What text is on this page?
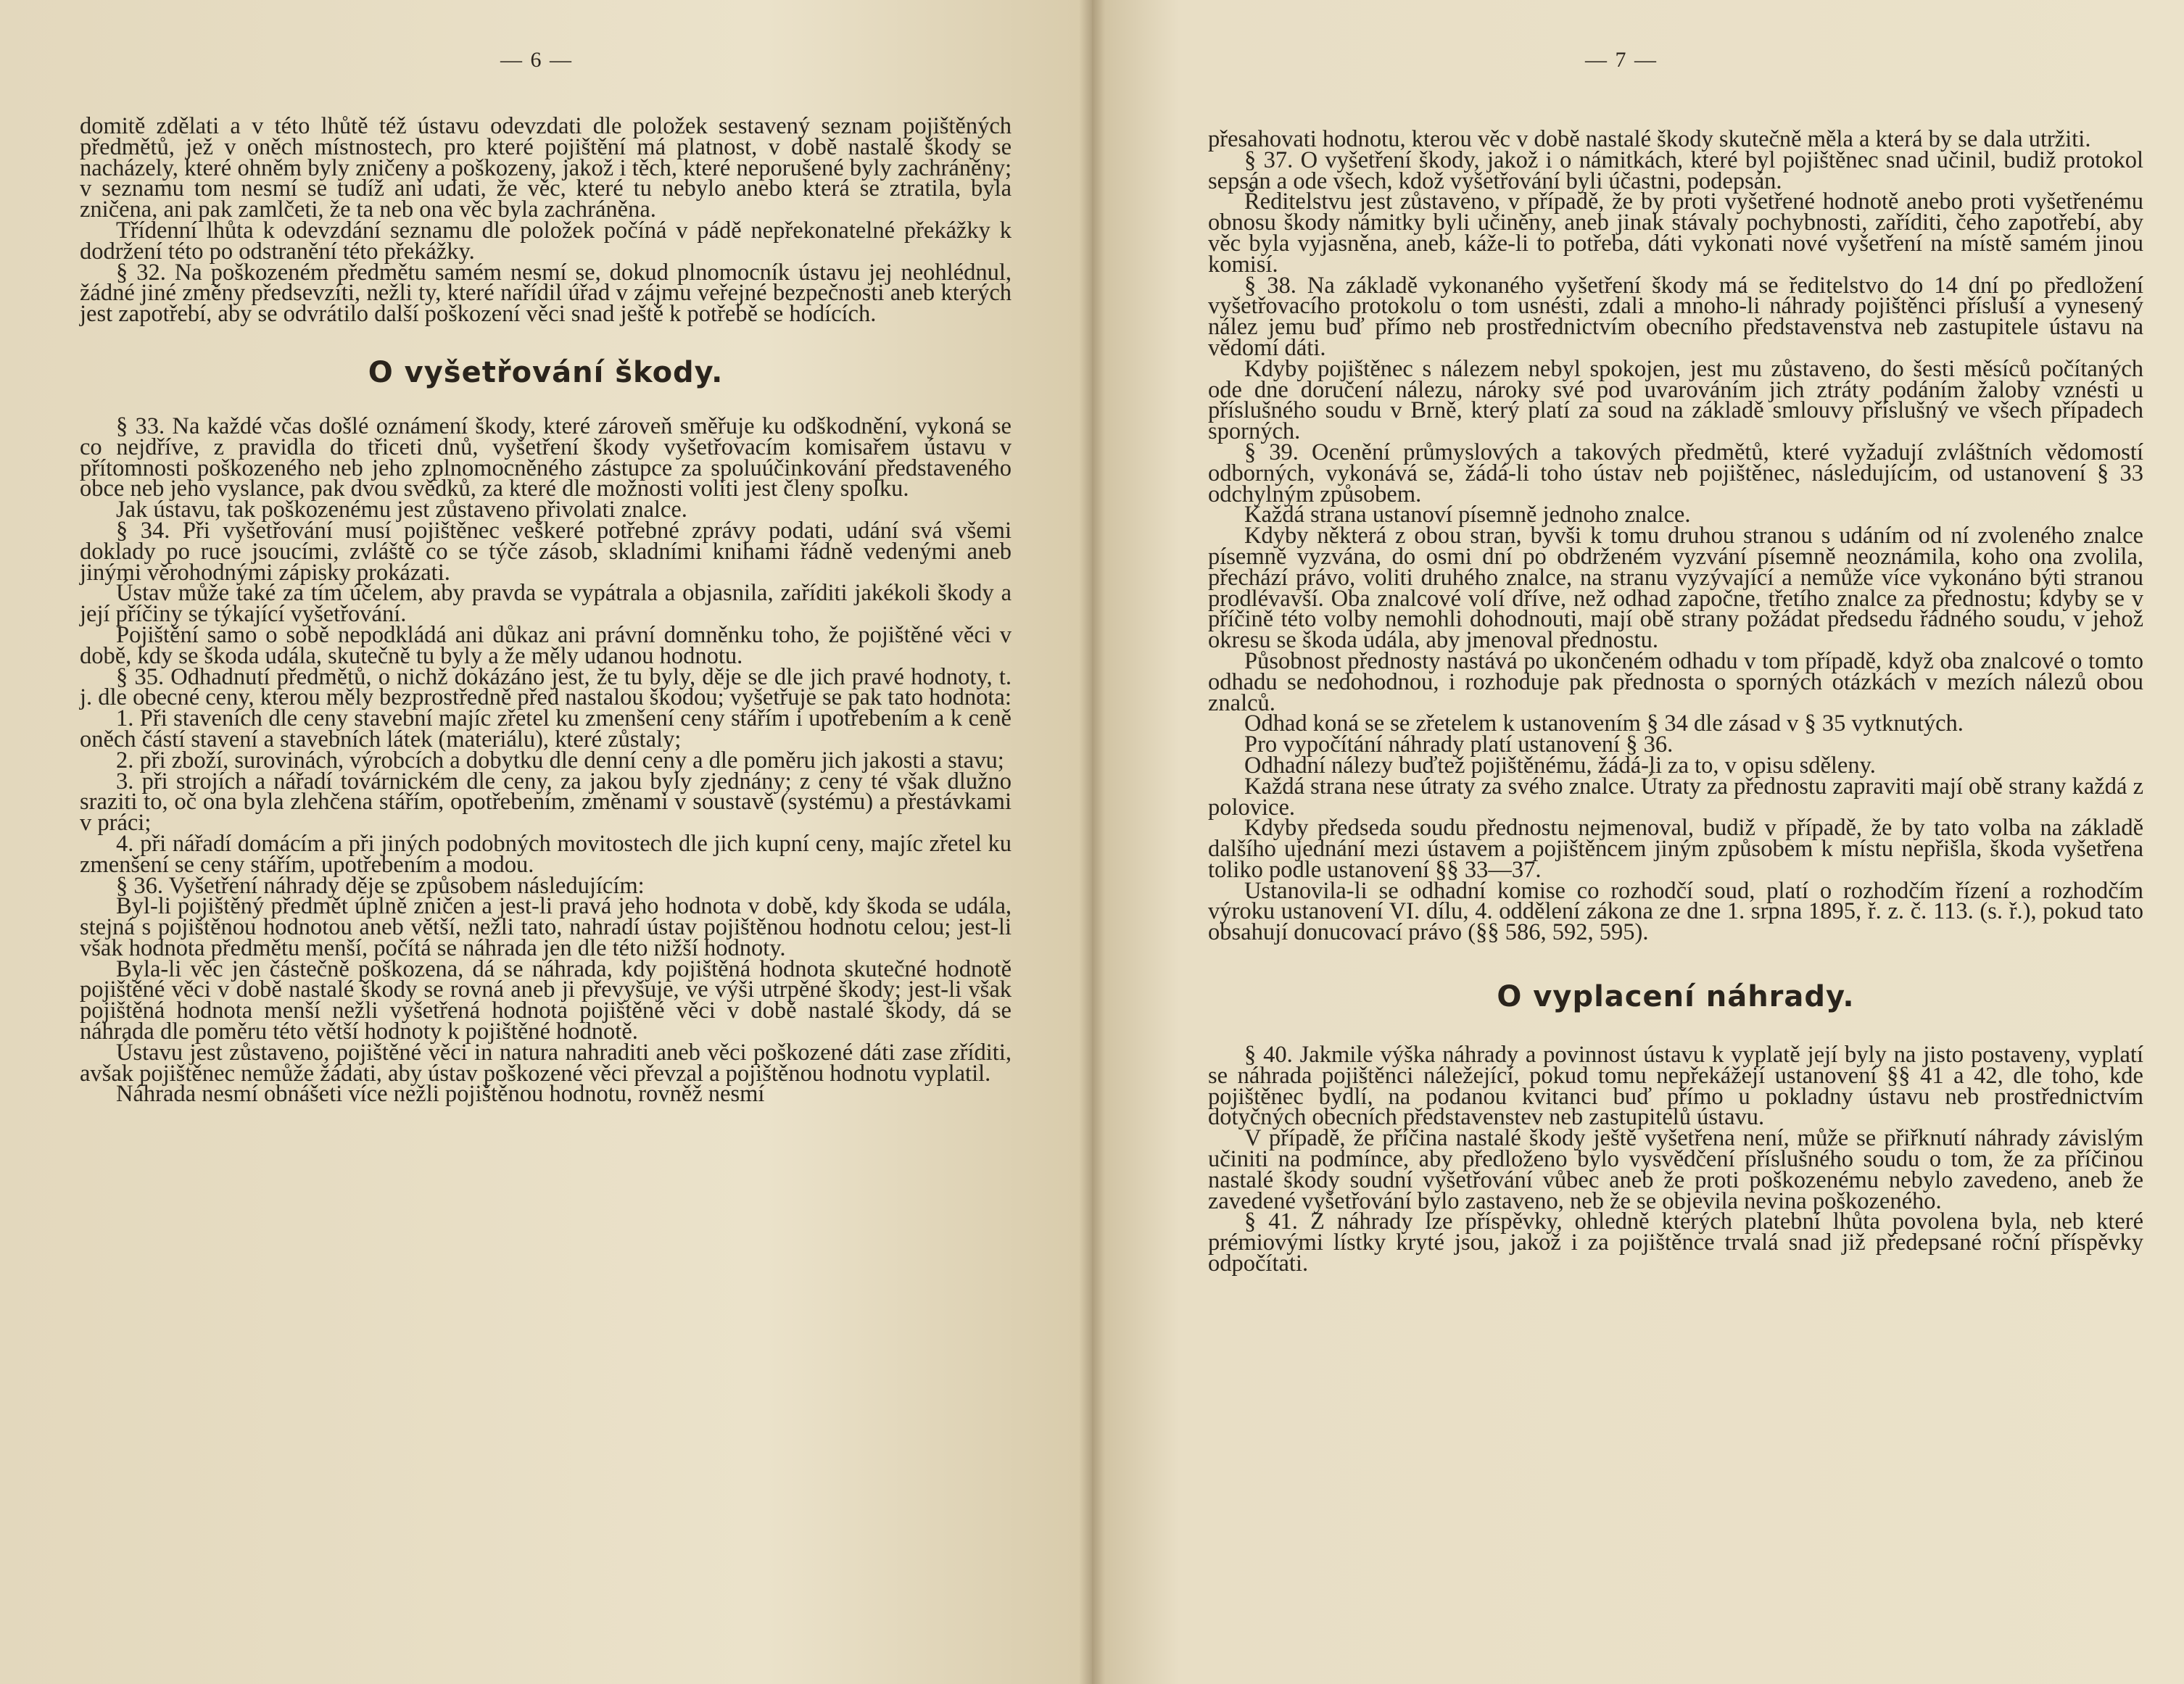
— 6 —

domitě zdělati a v této lhůtě též ústavu odevzdati dle položek sestavený seznam pojištěných předmětů, jež v oněch místnostech, pro které pojištění má platnost, v době nastalé škody se nacházely, které ohněm byly zničeny a poškozeny, jakož i těch, které neporušené byly zachráněny; v seznamu tom nesmí se tudíž ani udati, že věc, které tu nebylo anebo která se ztratila, byla zničena, ani pak zamlčeti, že ta neb ona věc byla zachráněna.

Třídenní lhůta k odevzdání seznamu dle položek počíná v pádě nepřekonatelné překážky k dodržení této po odstranění této překážky.

§ 32. Na poškozeném předmětu samém nesmí se, dokud plnomocník ústavu jej neohlédnul, žádné jiné změny předsevzíti, nežli ty, které nařídil úřad v zájmu veřejné bezpečnosti aneb kterých jest zapotřebí, aby se odvrátilo další poškození věci snad ještě k potřebě se hodících.

O vyšetřování škody.

§ 33. Na každé včas došlé oznámení škody, které zároveň směřuje ku odškodnění, vykoná se co nejdříve, z pravidla do třiceti dnů, vyšetření škody vyšetřovacím komisařem ústavu v přítomnosti poškozeného neb jeho zplnomocněného zástupce za spoluúčinkování představeného obce neb jeho vyslance, pak dvou svědků, za které dle možnosti voliti jest členy spolku.

Jak ústavu, tak poškozenému jest zůstaveno přivolati znalce.

§ 34. Při vyšetřování musí pojištěnec veškeré potřebné zprávy podati, udání svá všemi doklady po ruce jsoucími, zvláště co se týče zásob, skladními knihami řádně vedenými aneb jinými věrohodnými zápisky prokázati.

Ústav může také za tím účelem, aby pravda se vypátrala a objasnila, zaříditi jakékoli škody a její příčiny se týkající vyšetřování.

Pojištění samo o sobě nepodkládá ani důkaz ani právní domněnku toho, že pojištěné věci v době, kdy se škoda udála, skutečně tu byly a že měly udanou hodnotu.

§ 35. Odhadnutí předmětů, o nichž dokázáno jest, že tu byly, děje se dle jich pravé hodnoty, t. j. dle obecné ceny, kterou měly bezprostředně před nastalou škodou; vyšetřuje se pak tato hodnota:

1. Při staveních dle ceny stavební majíc zřetel ku zmenšení ceny stářím i upotřebením a k ceně oněch částí stavení a stavebních látek (materiálu), které zůstaly;

2. při zboží, surovinách, výrobcích a dobytku dle denní ceny a dle poměru jich jakosti a stavu;

3. při strojích a nářadí továrnickém dle ceny, za jakou byly zjednány; z ceny té však dlužno sraziti to, oč ona byla zlehčena stářím, opotřebením, změnami v soustavě (systému) a přestávkami v práci;

4. při nářadí domácím a při jiných podobných movitostech dle jich kupní ceny, majíc zřetel ku zmenšení se ceny stářím, upotřebením a modou.

§ 36. Vyšetření náhrady děje se způsobem následujícím:

Byl-li pojištěný předmět úplně zničen a jest-li pravá jeho hodnota v době, kdy škoda se udála, stejná s pojištěnou hodnotou aneb větší, nežli tato, nahradí ústav pojištěnou hodnotu celou; jest-li však hodnota předmětu menší, počítá se náhrada jen dle této nižší hodnoty.

Byla-li věc jen částečně poškozena, dá se náhrada, kdy pojištěná hodnota skutečné hodnotě pojištěné věci v době nastalé škody se rovná aneb ji převyšuje, ve výši utrpěné škody; jest-li však pojištěná hodnota menší nežli vyšetřená hodnota pojištěné věci v době nastalé škody, dá se náhrada dle poměru této větší hodnoty k pojištěné hodnotě.

Ústavu jest zůstaveno, pojištěné věci in natura nahraditi aneb věci poškozené dáti zase zříditi, avšak pojištěnec nemůže žádati, aby ústav poškozené věci převzal a pojištěnou hodnotu vyplatil.

Náhrada nesmí obnášeti více nežli pojištěnou hodnotu, rovněž nesmí

— 7 —

přesahovati hodnotu, kterou věc v době nastalé škody skutečně měla a která by se dala utržiti.

§ 37. O vyšetření škody, jakož i o námitkách, které byl pojištěnec snad učinil, budiž protokol sepsán a ode všech, kdož vyšetřování byli účastni, podepsán.

Ředitelstvu jest zůstaveno, v případě, že by proti vyšetřené hodnotě anebo proti vyšetřenému obnosu škody námitky byli učiněny, aneb jinak stávaly pochybnosti, zaříditi, čeho zapotřebí, aby věc byla vyjasněna, aneb, káže-li to potřeba, dáti vykonati nové vyšetření na místě samém jinou komisí.

§ 38. Na základě vykonaného vyšetření škody má se ředitelstvo do 14 dní po předložení vyšetřovacího protokolu o tom usnésti, zdali a mnoho-li náhrady pojištěnci přísluší a vynesený nález jemu buď přímo neb prostřednictvím obecního představenstva neb zastupitele ústavu na vědomí dáti.

Kdyby pojištěnec s nálezem nebyl spokojen, jest mu zůstaveno, do šesti měsíců počítaných ode dne doručení nálezu, nároky své pod uvarováním jich ztráty podáním žaloby vznésti u příslušného soudu v Brně, který platí za soud na základě smlouvy příslušný ve všech případech sporných.

§ 39. Ocenění průmyslových a takových předmětů, které vyžadují zvláštních vědomostí odborných, vykonává se, žádá-li toho ústav neb pojištěnec, následujícím, od ustanovení § 33 odchylným způsobem.

Každá strana ustanoví písemně jednoho znalce.

Kdyby některá z obou stran, byvši k tomu druhou stranou s udáním od ní zvoleného znalce písemně vyzvána, do osmi dní po obdrženém vyzvání písemně neoznámila, koho ona zvolila, přechází právo, voliti druhého znalce, na stranu vyzývající a nemůže více vykonáno býti stranou prodlévavší. Oba znalcové volí dříve, než odhad započne, třetího znalce za přednostu; kdyby se v příčině této volby nemohli dohodnouti, mají obě strany požádat předsedu řádného soudu, v jehož okresu se škoda udála, aby jmenoval přednostu.

Působnost přednosty nastává po ukončeném odhadu v tom případě, když oba znalcové o tomto odhadu se nedohodnou, i rozhoduje pak přednosta o sporných otázkách v mezích nálezů obou znalců.

Odhad koná se se zřetelem k ustanovením § 34 dle zásad v § 35 vytknutých.

Pro vypočítání náhrady platí ustanovení § 36.

Odhadní nálezy buďtež pojištěnému, žádá-li za to, v opisu sděleny.

Každá strana nese útraty za svého znalce. Útraty za přednostu zapraviti mají obě strany každá z polovice.

Kdyby předseda soudu přednostu nejmenoval, budiž v případě, že by tato volba na základě dalšího ujednání mezi ústavem a pojištěncem jiným způsobem k místu nepřišla, škoda vyšetřena toliko podle ustanovení §§ 33—37.

Ustanovila-li se odhadní komise co rozhodčí soud, platí o rozhodčím řízení a rozhodčím výroku ustanovení VI. dílu, 4. oddělení zákona ze dne 1. srpna 1895, ř. z. č. 113. (s. ř.), pokud tato obsahují donucovací právo (§§ 586, 592, 595).

O vyplacení náhrady.

§ 40. Jakmile výška náhrady a povinnost ústavu k vyplatě její byly na jisto postaveny, vyplatí se náhrada pojištěnci náležející, pokud tomu nepřekážejí ustanovení §§ 41 a 42, dle toho, kde pojištěnec bydlí, na podanou kvitanci buď přímo u pokladny ústavu neb prostřednictvím dotyčných obecních představenstev neb zastupitelů ústavu.

V případě, že příčina nastalé škody ještě vyšetřena není, může se přiřknutí náhrady závislým učiniti na podmínce, aby předloženo bylo vysvědčení příslušného soudu o tom, že za příčinou nastalé škody soudní vyšetřování vůbec aneb že proti poškozenému nebylo zavedeno, aneb že zavedené vyšetřování bylo zastaveno, neb že se objevila nevina poškozeného.

§ 41. Z náhrady lze příspěvky, ohledně kterých platební lhůta povolena byla, neb které prémiovými lístky kryté jsou, jakož i za pojištěnce trvalá snad již předepsané roční příspěvky odpočítati.
